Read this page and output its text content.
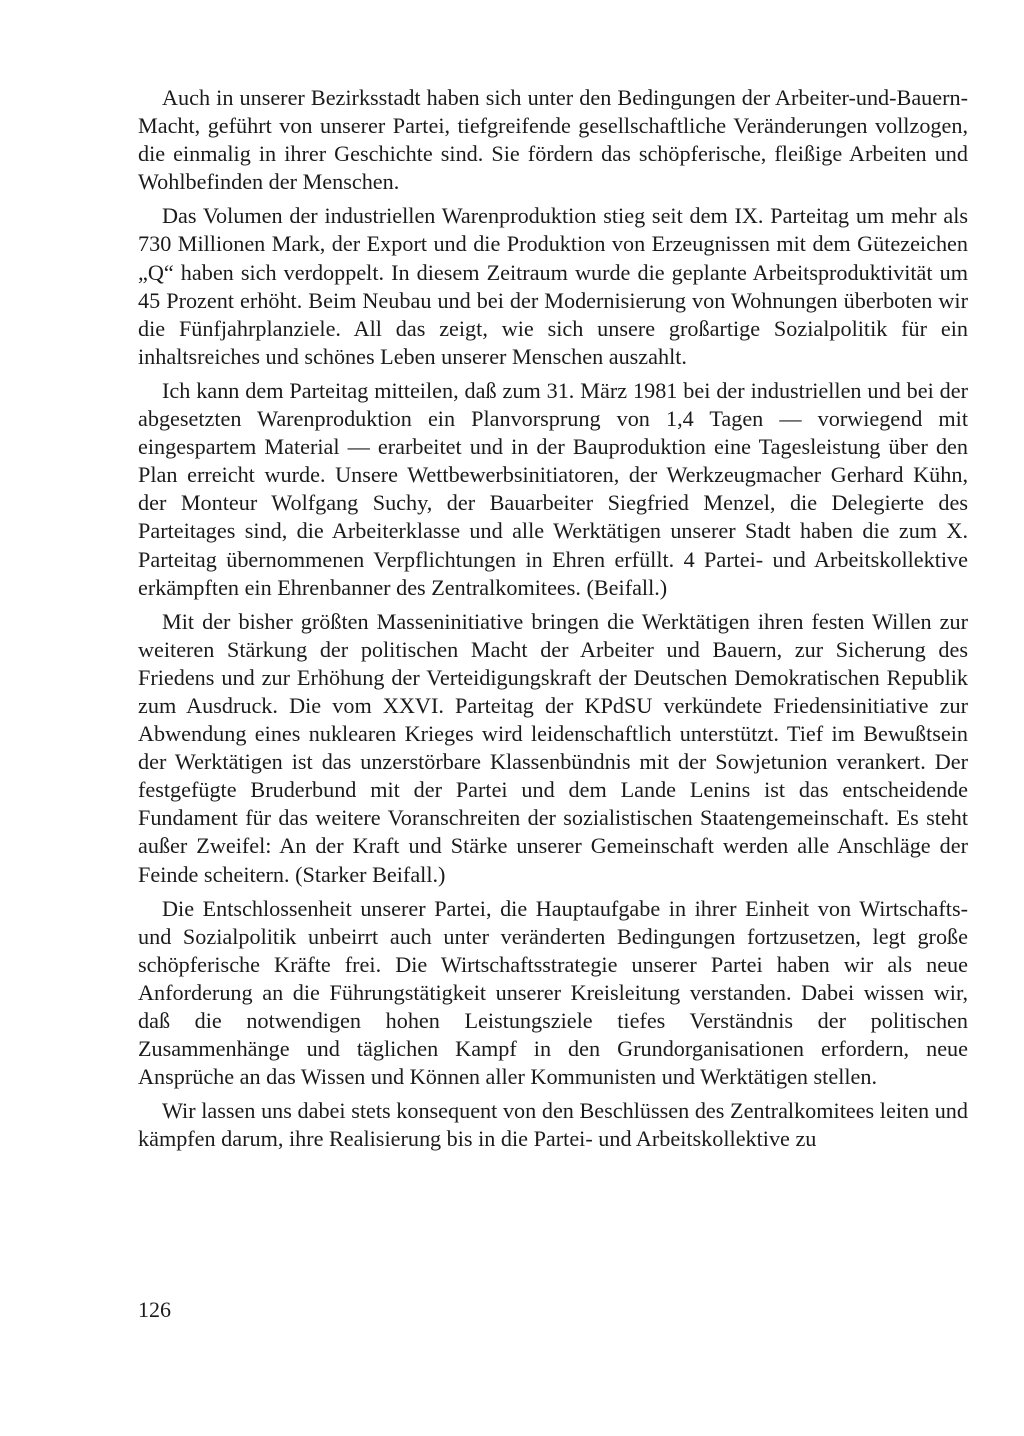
Auch in unserer Bezirksstadt haben sich unter den Bedingungen der Arbeiter-und-Bauern-Macht, geführt von unserer Partei, tiefgreifende gesellschaftliche Veränderungen vollzogen, die einmalig in ihrer Geschichte sind. Sie fördern das schöpferische, fleißige Arbeiten und Wohlbefinden der Menschen.

Das Volumen der industriellen Warenproduktion stieg seit dem IX. Parteitag um mehr als 730 Millionen Mark, der Export und die Produktion von Erzeugnissen mit dem Gütezeichen „Q“ haben sich verdoppelt. In diesem Zeitraum wurde die geplante Arbeitsproduktivität um 45 Prozent erhöht. Beim Neubau und bei der Modernisierung von Wohnungen überboten wir die Fünfjahrplanziele. All das zeigt, wie sich unsere großartige Sozialpolitik für ein inhaltsreiches und schönes Leben unserer Menschen auszahlt.

Ich kann dem Parteitag mitteilen, daß zum 31. März 1981 bei der industriellen und bei der abgesetzten Warenproduktion ein Planvorsprung von 1,4 Tagen — vorwiegend mit eingespartem Material — erarbeitet und in der Bauproduktion eine Tagesleistung über den Plan erreicht wurde. Unsere Wettbewerbsinitiatoren, der Werkzeugmacher Gerhard Kühn, der Monteur Wolfgang Suchy, der Bauarbeiter Siegfried Menzel, die Delegierte des Parteitages sind, die Arbeiterklasse und alle Werktätigen unserer Stadt haben die zum X. Parteitag übernommenen Verpflichtungen in Ehren erfüllt. 4 Partei- und Arbeitskollektive erkämpften ein Ehrenbanner des Zentralkomitees. (Beifall.)

Mit der bisher größten Masseninitiative bringen die Werktätigen ihren festen Willen zur weiteren Stärkung der politischen Macht der Arbeiter und Bauern, zur Sicherung des Friedens und zur Erhöhung der Verteidigungskraft der Deutschen Demokratischen Republik zum Ausdruck. Die vom XXVI. Parteitag der KPdSU verkündete Friedensinitiative zur Abwendung eines nuklearen Krieges wird leidenschaftlich unterstützt. Tief im Bewußtsein der Werktätigen ist das unzerstörbare Klassenbündnis mit der Sowjetunion verankert. Der festgefügte Bruderbund mit der Partei und dem Lande Lenins ist das entscheidende Fundament für das weitere Voranschreiten der sozialistischen Staatengemeinschaft. Es steht außer Zweifel: An der Kraft und Stärke unserer Gemeinschaft werden alle Anschläge der Feinde scheitern. (Starker Beifall.)

Die Entschlossenheit unserer Partei, die Hauptaufgabe in ihrer Einheit von Wirtschafts- und Sozialpolitik unbeirrt auch unter veränderten Bedingungen fortzusetzen, legt große schöpferische Kräfte frei. Die Wirtschaftsstrategie unserer Partei haben wir als neue Anforderung an die Führungstätigkeit unserer Kreisleitung verstanden. Dabei wissen wir, daß die notwendigen hohen Leistungsziele tiefes Verständnis der politischen Zusammenhänge und täglichen Kampf in den Grundorganisationen erfordern, neue Ansprüche an das Wissen und Können aller Kommunisten und Werktätigen stellen.

Wir lassen uns dabei stets konsequent von den Beschlüssen des Zentralkomitees leiten und kämpfen darum, ihre Realisierung bis in die Partei- und Arbeitskollektive zu

126
